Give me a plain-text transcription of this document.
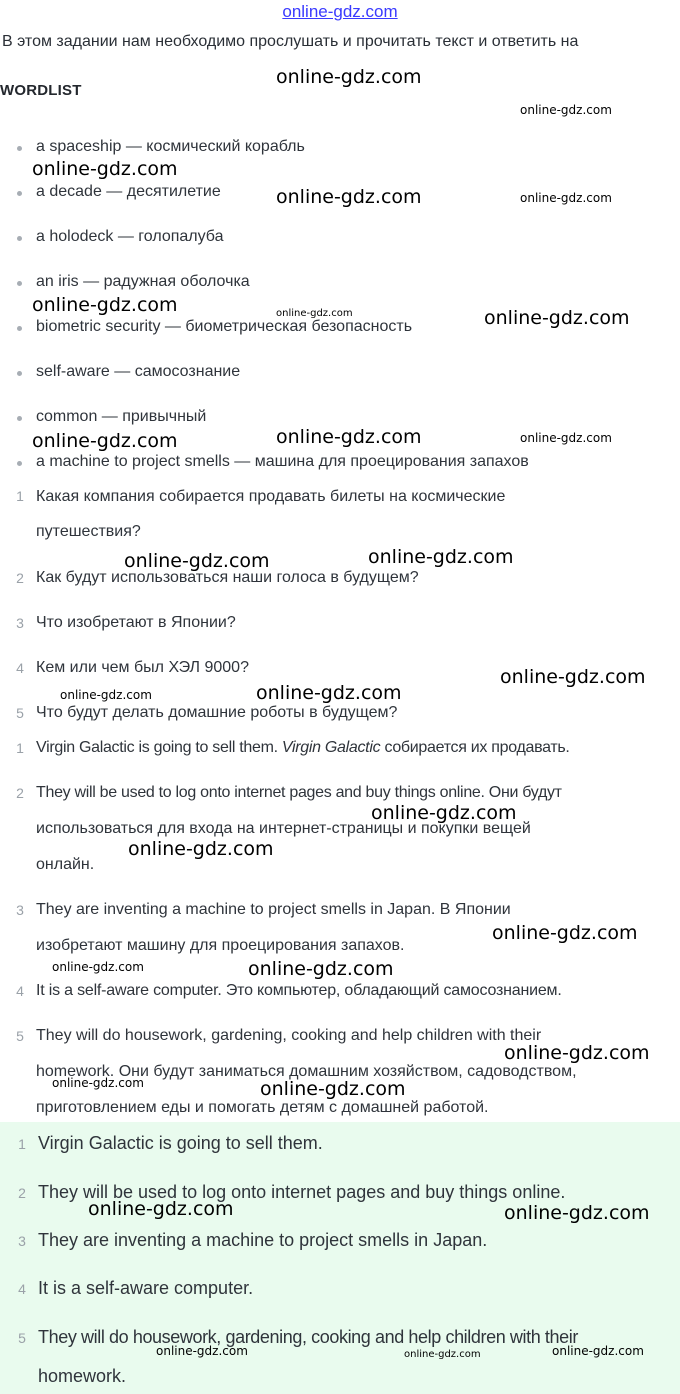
online-gdz.com
В этом задании нам необходимо прослушать и прочитать текст и ответить на
WORDLIST
a spaceship — космический корабль
a decade — десятилетие
a holodeck — голопалуба
an iris — радужная оболочка
biometric security — биометрическая безопасность
self-aware — самосознание
common — привычный
a machine to project smells — машина для проецирования запахов
1 Какая компания собирается продавать билеты на космические
путешествия?
2 Как будут использоваться наши голоса в будущем?
3 Что изобретают в Японии?
4 Кем или чем был ХЭЛ 9000?
5 Что будут делать домашние роботы в будущем?
1 Virgin Galactic is going to sell them. Virgin Galactic собирается их продавать.
2 They will be used to log onto internet pages and buy things online. Они будут
использоваться для входа на интернет-страницы и покупки вещей
онлайн.
3 They are inventing a machine to project smells in Japan. В Японии
изобретают машину для проецирования запахов.
4 It is a self-aware computer. Это компьютер, обладающий самосознанием.
5 They will do housework, gardening, cooking and help children with their
homework. Они будут заниматься домашним хозяйством, садоводством,
приготовлением еды и помогать детям с домашней работой.
1 Virgin Galactic is going to sell them.
2 They will be used to log onto internet pages and buy things online.
3 They are inventing a machine to project smells in Japan.
4 It is a self-aware computer.
5 They will do housework, gardening, cooking and help children with their
homework.
online-gdz.com
online-gdz.com
online-gdz.com
online-gdz.com	online-gdz.com
online-gdz.com	online-gdz.com	online-gdz.com
online-gdz.com	online-gdz.com	online-gdz.com
online-gdz.com	online-gdz.com
online-gdz.com	online-gdz.com
online-gdz.com
online-gdz.com
online-gdz.com
online-gdz.com
online-gdz.com	online-gdz.com
online-gdz.com
online-gdz.com	online-gdz.com
online-gdz.com	online-gdz.com
online-gdz.com	online-gdz.com	online-gdz.com
